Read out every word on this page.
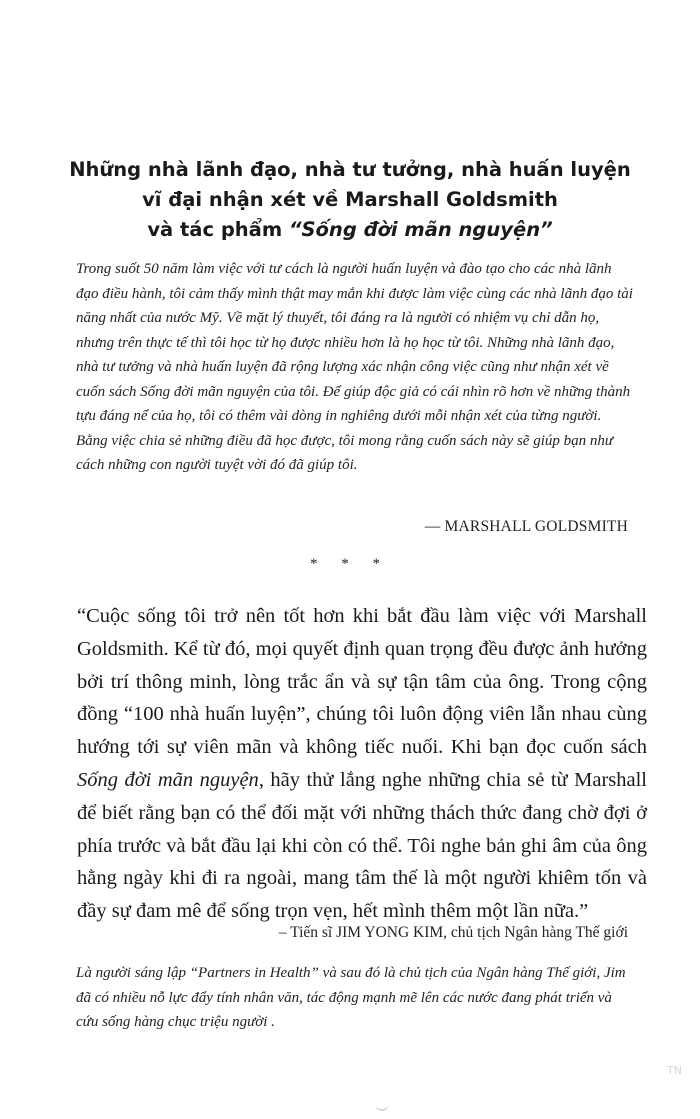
Những nhà lãnh đạo, nhà tư tưởng, nhà huấn luyện
vĩ đại nhận xét về Marshall Goldsmith
và tác phẩm “Sống đời mãn nguyện”

Trong suốt 50 năm làm việc với tư cách là người huấn luyện và đào tạo cho các nhà lãnh đạo điều hành, tôi cảm thấy mình thật may mắn khi được làm việc cùng các nhà lãnh đạo tài năng nhất của nước Mỹ. Về mặt lý thuyết, tôi đáng ra là người có nhiệm vụ chỉ dẫn họ, nhưng trên thực tế thì tôi học từ họ được nhiều hơn là họ học từ tôi. Những nhà lãnh đạo, nhà tư tưởng và nhà huấn luyện đã rộng lượng xác nhận công việc cũng như nhận xét về cuốn sách Sống đời mãn nguyện của tôi. Để giúp độc giả có cái nhìn rõ hơn về những thành tựu đáng nể của họ, tôi có thêm vài dòng in nghiêng dưới mỗi nhận xét của từng người. Bằng việc chia sẻ những điều đã học được, tôi mong rằng cuốn sách này sẽ giúp bạn như cách những con người tuyệt vời đó đã giúp tôi.

— MARSHALL GOLDSMITH
* * *

“Cuộc sống tôi trở nên tốt hơn khi bắt đầu làm việc với Marshall Goldsmith. Kể từ đó, mọi quyết định quan trọng đều được ảnh hưởng bởi trí thông minh, lòng trắc ẩn và sự tận tâm của ông. Trong cộng đồng “100 nhà huấn luyện”, chúng tôi luôn động viên lẫn nhau cùng hướng tới sự viên mãn và không tiếc nuối. Khi bạn đọc cuốn sách Sống đời mãn nguyện, hãy thử lắng nghe những chia sẻ từ Marshall để biết rằng bạn có thể đối mặt với những thách thức đang chờ đợi ở phía trước và bắt đầu lại khi còn có thể. Tôi nghe bản ghi âm của ông hằng ngày khi đi ra ngoài, mang tâm thế là một người khiêm tốn và đầy sự đam mê để sống trọn vẹn, hết mình thêm một lần nữa.”

– Tiến sĩ JIM YONG KIM, chủ tịch Ngân hàng Thế giới

Là người sáng lập “Partners in Health” và sau đó là chủ tịch của Ngân hàng Thế giới, Jim đã có nhiều nỗ lực đẩy tính nhân văn, tác động mạnh mẽ lên các nước đang phát triển và cứu sống hàng chục triệu người .

TN
